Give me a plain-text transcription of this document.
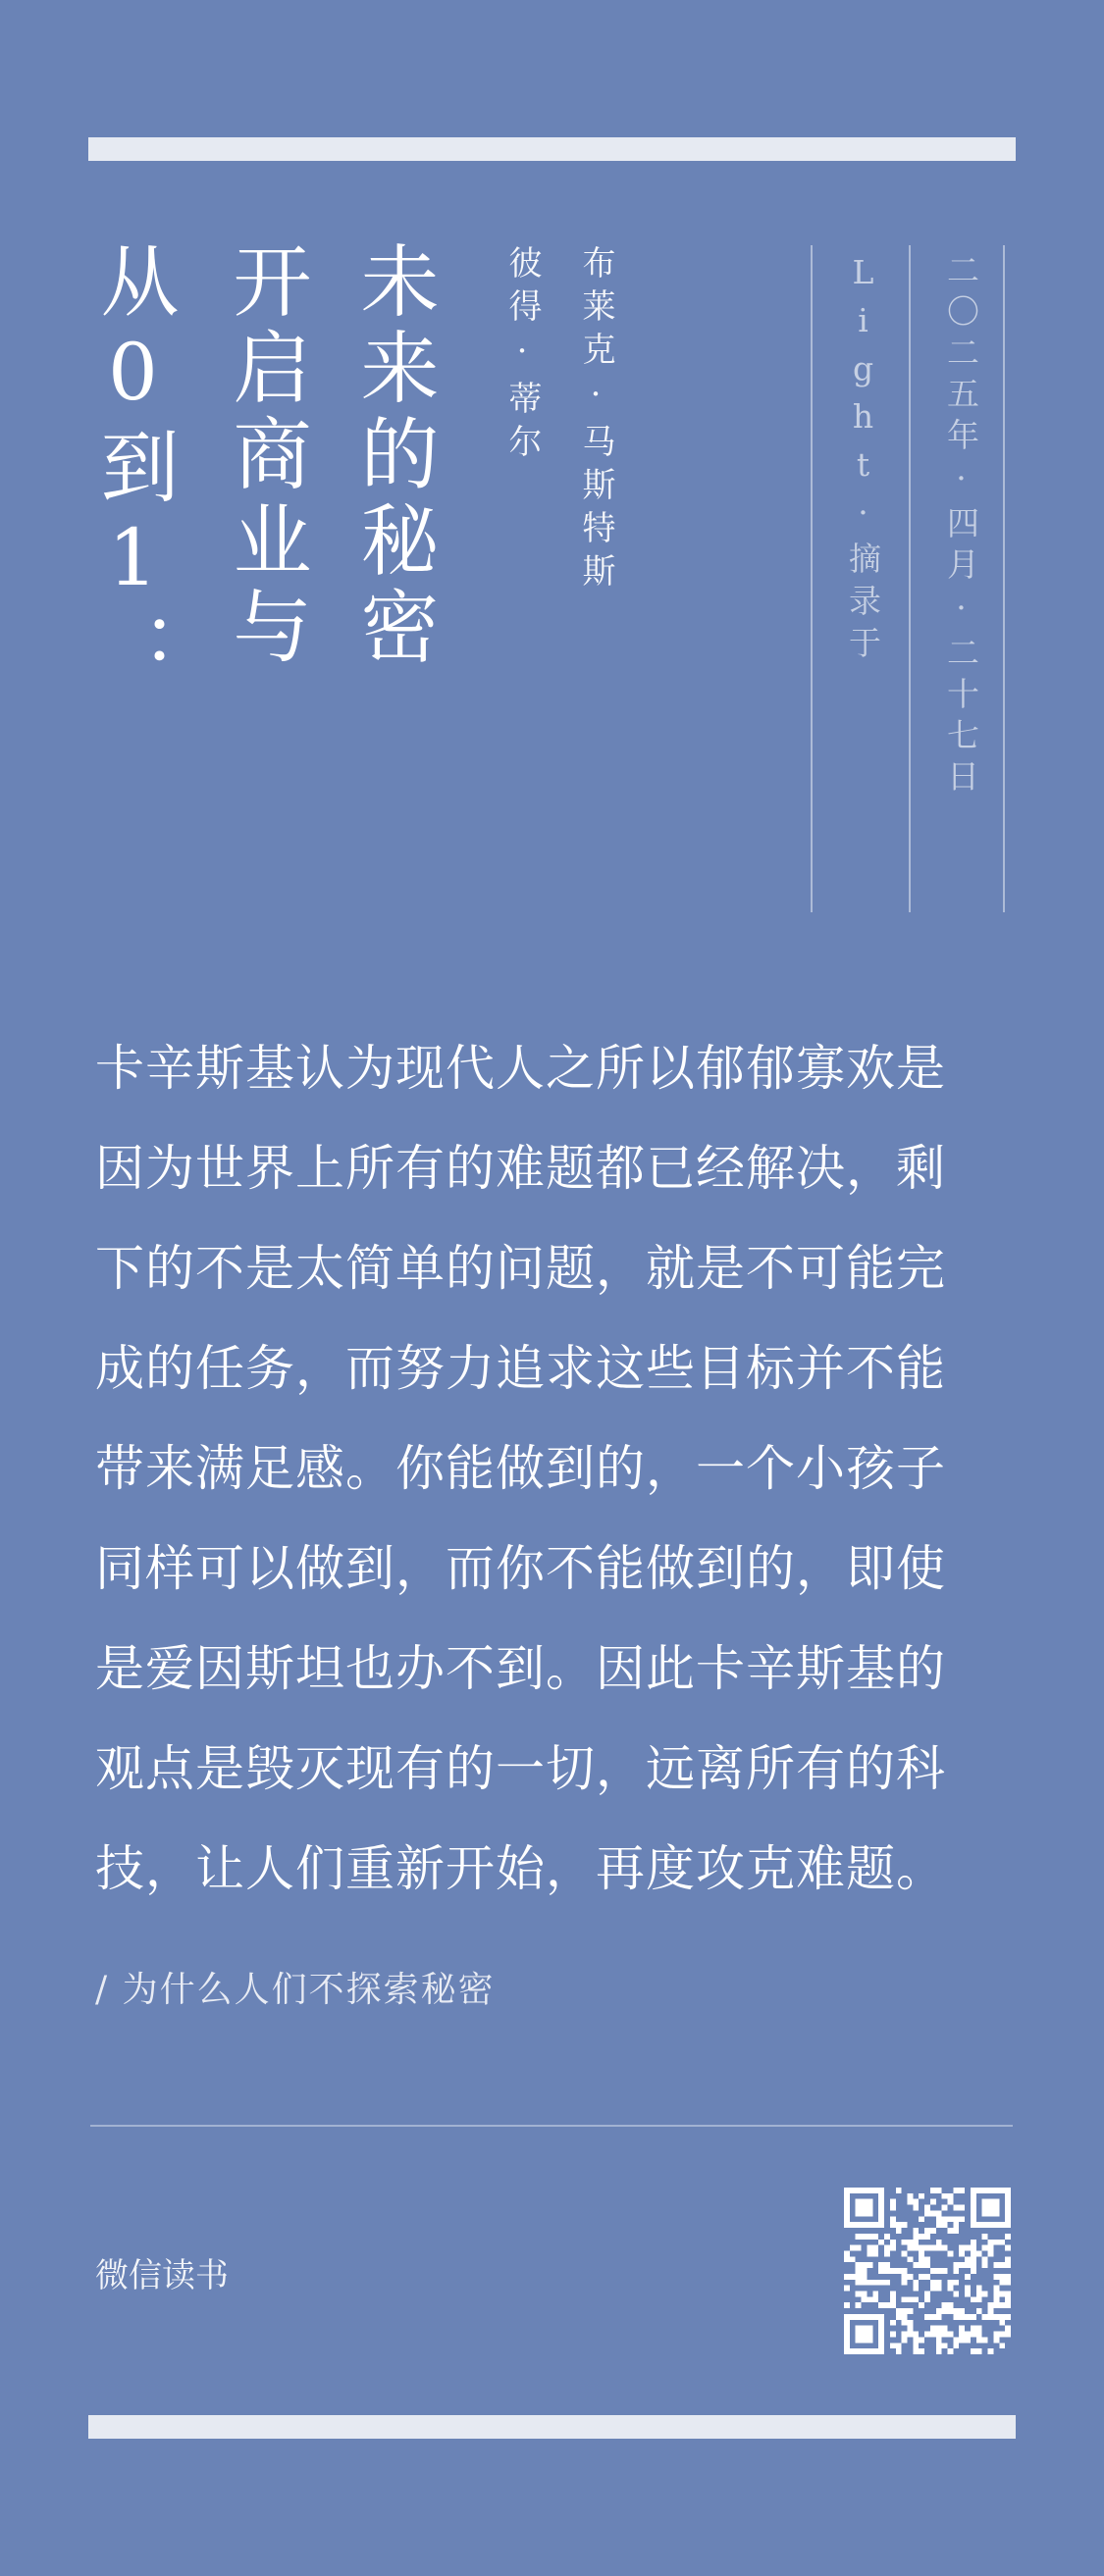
未来的秘密
开启商业与
从0到1：	布莱克·马斯特斯
彼得·蒂尔	Light·摘录于 二〇二五年·四月·二十七日
卡辛斯基认为现代人之所以郁郁寡欢是
因为世界上所有的难题都已经解决，剩
下的不是太简单的问题，就是不可能完
成的任务，而努力追求这些目标并不能
带来满足感。你能做到的，一个小孩子
同样可以做到，而你不能做到的，即使
是爱因斯坦也办不到。因此卡辛斯基的
观点是毁灭现有的一切，远离所有的科
技，让人们重新开始，再度攻克难题。
/ 为什么人们不探索秘密
微信读书
